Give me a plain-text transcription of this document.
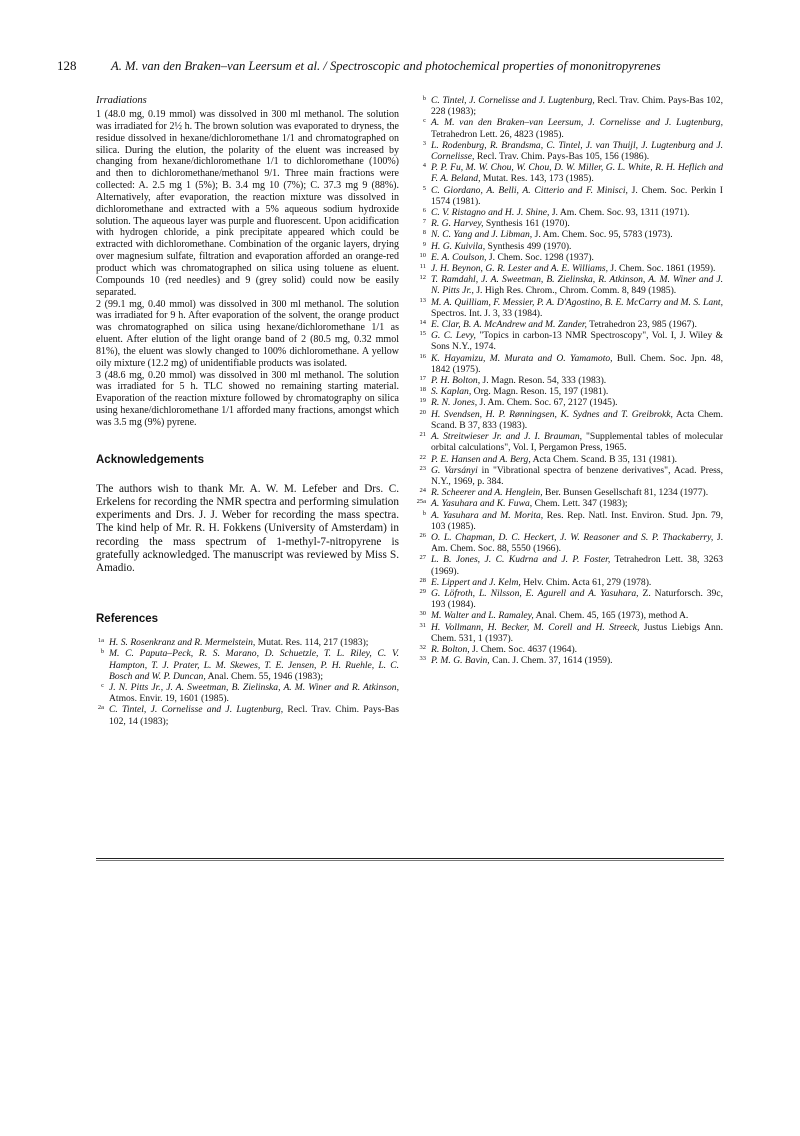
128	A. M. van den Braken–van Leersum et al. / Spectroscopic and photochemical properties of mononitropyrenes
Irradiations

1 (48.0 mg, 0.19 mmol) was dissolved in 300 ml methanol. The solution was irradiated for 2½ h. The brown solution was evaporated to dryness, the residue dissolved in hexane/dichloromethane 1/1 and chromatographed on silica. During the elution, the polarity of the eluent was increased by changing from hexane/dichloromethane 1/1 to dichloromethane (100%) and then to dichloromethane/methanol 9/1. Three main fractions were collected: A. 2.5 mg 1 (5%); B. 3.4 mg 10 (7%); C. 37.3 mg 9 (88%). Alternatively, after evaporation, the reaction mixture was dissolved in dichloromethane and extracted with a 5% aqueous sodium hydroxide solution. The aqueous layer was purple and fluorescent. Upon acidification with hydrogen chloride, a pink precipitate appeared which could be extracted with dichloromethane. Combination of the organic layers, drying over magnesium sulfate, filtration and evaporation afforded an orange-red product which was chromatographed on silica using toluene as eluent. Compounds 10 (red needles) and 9 (grey solid) could now be easily separated.

2 (99.1 mg, 0.40 mmol) was dissolved in 300 ml methanol. The solution was irradiated for 9 h. After evaporation of the solvent, the orange product was chromatographed on silica using hexane/dichloromethane 1/1 as eluent. After elution of the light orange band of 2 (80.5 mg, 0.32 mmol 81%), the eluent was slowly changed to 100% dichloromethane. A yellow oily mixture (12.2 mg) of unidentifiable products was isolated.

3 (48.6 mg, 0.20 mmol) was dissolved in 300 ml methanol. The solution was irradiated for 5 h. TLC showed no remaining starting material. Evaporation of the reaction mixture followed by chromatography on silica using hexane/dichloromethane 1/1 afforded many fractions, amongst which was 3.5 mg (9%) pyrene.

Acknowledgements

The authors wish to thank Mr. A. W. M. Lefeber and Drs. C. Erkelens for recording the NMR spectra and performing simulation experiments and Drs. J. J. Weber for recording the mass spectra. The kind help of Mr. R. H. Fokkens (University of Amsterdam) in recording the mass spectrum of 1-methyl-7-nitropyrene is gratefully acknowledged. The manuscript was reviewed by Miss S. Amadio.

References
1a H. S. Rosenkranz and R. Mermelstein, Mutat. Res. 114, 217 (1983);
b M. C. Paputa–Peck, R. S. Marano, D. Schuetzle, T. L. Riley, C. V. Hampton, T. J. Prater, L. M. Skewes, T. E. Jensen, P. H. Ruehle, L. C. Bosch and W. P. Duncan, Anal. Chem. 55, 1946 (1983);
c J. N. Pitts Jr., J. A. Sweetman, B. Zielinska, A. M. Winer and R. Atkinson, Atmos. Envir. 19, 1601 (1985).
2a C. Tintel, J. Cornelisse and J. Lugtenburg, Recl. Trav. Chim. Pays-Bas 102, 14 (1983);
b C. Tintel, J. Cornelisse and J. Lugtenburg, Recl. Trav. Chim. Pays-Bas 102, 228 (1983);
c A. M. van den Braken–van Leersum, J. Cornelisse and J. Lugtenburg, Tetrahedron Lett. 26, 4823 (1985).
3 L. Rodenburg, R. Brandsma, C. Tintel, J. van Thuijl, J. Lugtenburg and J. Cornelisse, Recl. Trav. Chim. Pays-Bas 105, 156 (1986).
4 P. P. Fu, M. W. Chou, W. Chou, D. W. Miller, G. L. White, R. H. Heflich and F. A. Beland, Mutat. Res. 143, 173 (1985).
5 C. Giordano, A. Belli, A. Citterio and F. Minisci, J. Chem. Soc. Perkin I 1574 (1981).
6 C. V. Ristagno and H. J. Shine, J. Am. Chem. Soc. 93, 1311 (1971).
7 R. G. Harvey, Synthesis 161 (1970).
8 N. C. Yang and J. Libman, J. Am. Chem. Soc. 95, 5783 (1973).
9 H. G. Kuivila, Synthesis 499 (1970).
10 E. A. Coulson, J. Chem. Soc. 1298 (1937).
11 J. H. Beynon, G. R. Lester and A. E. Williams, J. Chem. Soc. 1861 (1959).
12 T. Ramdahl, J. A. Sweetman, B. Zielinska, R. Atkinson, A. M. Winer and J. N. Pitts Jr., J. High Res. Chrom., Chrom. Comm. 8, 849 (1985).
13 M. A. Quilliam, F. Messier, P. A. D'Agostino, B. E. McCarry and M. S. Lant, Spectros. Int. J. 3, 33 (1984).
14 E. Clar, B. A. McAndrew and M. Zander, Tetrahedron 23, 985 (1967).
15 G. C. Levy, "Topics in carbon-13 NMR Spectroscopy", Vol. I, J. Wiley & Sons N.Y., 1974.
16 K. Hayamizu, M. Murata and O. Yamamoto, Bull. Chem. Soc. Jpn. 48, 1842 (1975).
17 P. H. Bolton, J. Magn. Reson. 54, 333 (1983).
18 S. Kaplan, Org. Magn. Reson. 15, 197 (1981).
19 R. N. Jones, J. Am. Chem. Soc. 67, 2127 (1945).
20 H. Svendsen, H. P. Rønningsen, K. Sydnes and T. Greibrokk, Acta Chem. Scand. B 37, 833 (1983).
21 A. Streitwieser Jr. and J. I. Brauman, "Supplemental tables of molecular orbital calculations", Vol. I, Pergamon Press, 1965.
22 P. E. Hansen and A. Berg, Acta Chem. Scand. B 35, 131 (1981).
23 G. Varsányi in "Vibrational spectra of benzene derivatives", Acad. Press, N.Y., 1969, p. 384.
24 R. Scheerer and A. Henglein, Ber. Bunsen Gesellschaft 81, 1234 (1977).
25a A. Yasuhara and K. Fuwa, Chem. Lett. 347 (1983);
b A. Yasuhara and M. Morita, Res. Rep. Natl. Inst. Environ. Stud. Jpn. 79, 103 (1985).
26 O. L. Chapman, D. C. Heckert, J. W. Reasoner and S. P. Thackaberry, J. Am. Chem. Soc. 88, 5550 (1966).
27 L. B. Jones, J. C. Kudrna and J. P. Foster, Tetrahedron Lett. 38, 3263 (1969).
28 E. Lippert and J. Kelm, Helv. Chim. Acta 61, 279 (1978).
29 G. Löfroth, L. Nilsson, E. Agurell and A. Yasuhara, Z. Naturforsch. 39c, 193 (1984).
30 M. Walter and L. Ramaley, Anal. Chem. 45, 165 (1973), method A.
31 H. Vollmann, H. Becker, M. Corell and H. Streeck, Justus Liebigs Ann. Chem. 531, 1 (1937).
32 R. Bolton, J. Chem. Soc. 4637 (1964).
33 P. M. G. Bavin, Can. J. Chem. 37, 1614 (1959).
